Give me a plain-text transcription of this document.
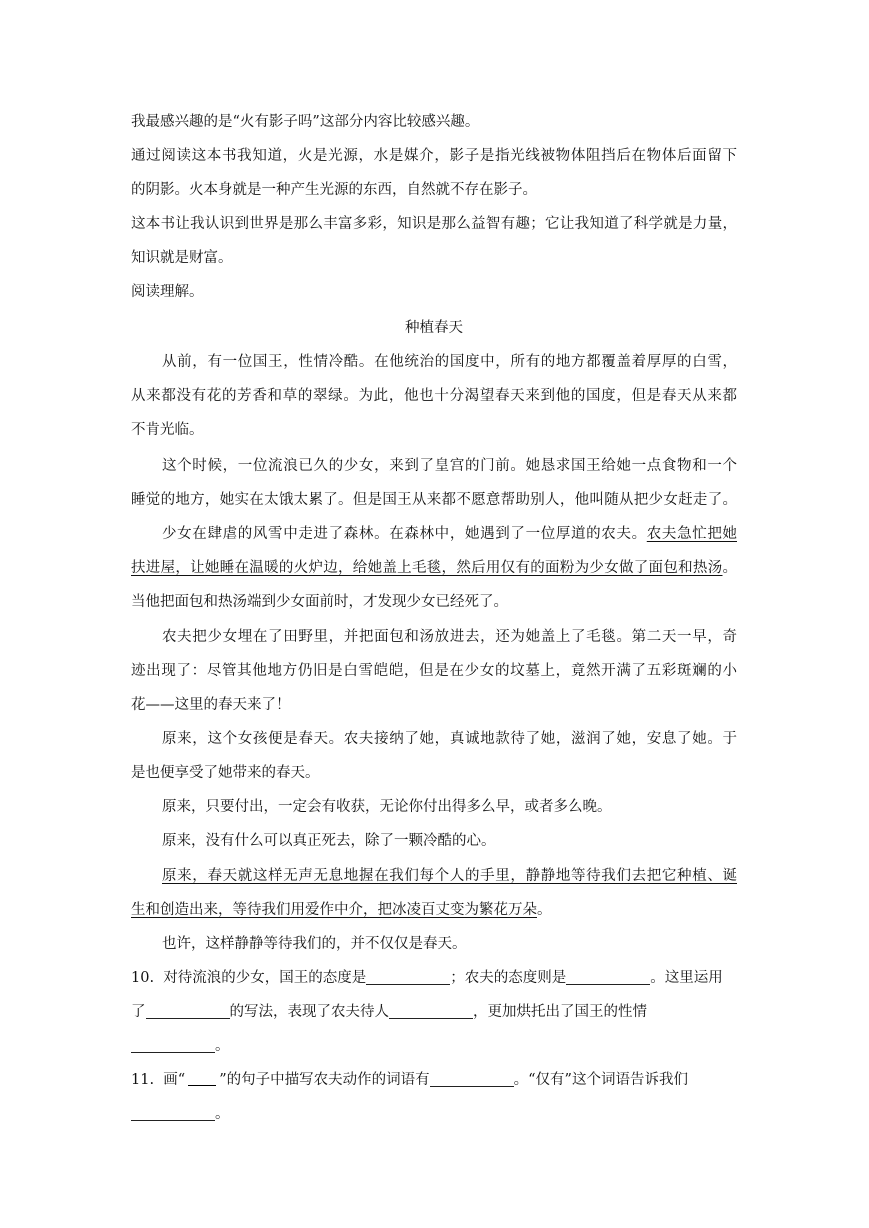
我最感兴趣的是“火有影子吗”这部分内容比较感兴趣。
通过阅读这本书我知道，火是光源，水是媒介，影子是指光线被物体阻挡后在物体后面留下
的阴影。火本身就是一种产生光源的东西，自然就不存在影子。
这本书让我认识到世界是那么丰富多彩，知识是那么益智有趣；它让我知道了科学就是力量，
知识就是财富。
阅读理解。
种植春天
从前，有一位国王，性情冷酷。在他统治的国度中，所有的地方都覆盖着厚厚的白雪，
从来都没有花的芳香和草的翠绿。为此，他也十分渴望春天来到他的国度，但是春天从来都
不肯光临。
这个时候，一位流浪已久的少女，来到了皇宫的门前。她恳求国王给她一点食物和一个
睡觉的地方，她实在太饿太累了。但是国王从来都不愿意帮助别人，他叫随从把少女赶走了。
少女在肆虐的风雪中走进了森林。在森林中，她遇到了一位厚道的农夫。农夫急忙把她
扶进屋，让她睡在温暖的火炉边，给她盖上毛毯，然后用仅有的面粉为少女做了面包和热汤。
当他把面包和热汤端到少女面前时，才发现少女已经死了。
农夫把少女埋在了田野里，并把面包和汤放进去，还为她盖上了毛毯。第二天一早，奇
迹出现了：尽管其他地方仍旧是白雪皑皑，但是在少女的坟墓上，竟然开满了五彩斑斓的小
花——这里的春天来了！
原来，这个女孩便是春天。农夫接纳了她，真诚地款待了她，滋润了她，安息了她。于
是也便享受了她带来的春天。
原来，只要付出，一定会有收获，无论你付出得多么早，或者多么晚。
原来，没有什么可以真正死去，除了一颗冷酷的心。
原来，春天就这样无声无息地握在我们每个人的手里，静静地等待我们去把它种植、诞
生和创造出来，等待我们用爱作中介，把冰凌百丈变为繁花万朵。
也许，这样静静等待我们的，并不仅仅是春天。
10. 对待流浪的少女，国王的态度是	；农夫的态度则是	。这里运用
了	的写法，表现了农夫待人	，更加烘托出了国王的性情
。
11. 画“ ”的句子中描写农夫动作的词语有	。“仅有”这个词语告诉我们
。
